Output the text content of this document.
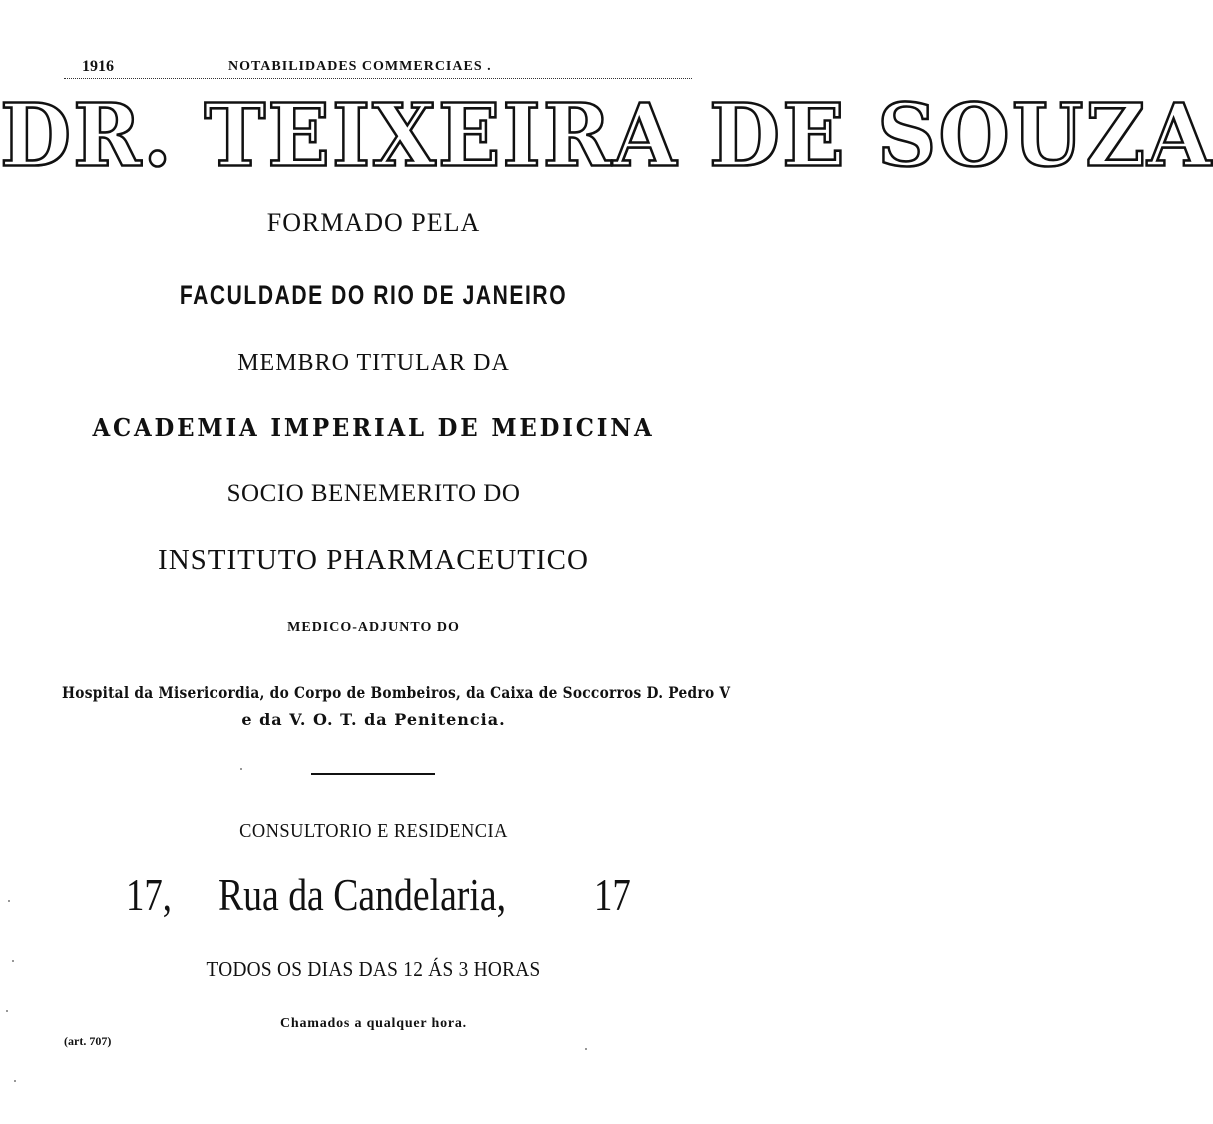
1916	NOTABILIDADES COMMERCIAES .
DR. TEIXEIRA DE SOUZA
FORMADO PELA
FACULDADE DO RIO DE JANEIRO
MEMBRO TITULAR DA
ACADEMIA IMPERIAL DE MEDICINA
SOCIO BENEMERITO DO
INSTITUTO PHARMACEUTICO
MEDICO-ADJUNTO DO
Hospital da Misericordia, do Corpo de Bombeiros, da Caixa de Soccorros D. Pedro V
e da V. O. T. da Penitencia.
CONSULTORIO E RESIDENCIA
17, Rua da Candelaria, 17
TODOS OS DIAS DAS 12 ÁS 3 HORAS
Chamados a qualquer hora.
(art. 707)
